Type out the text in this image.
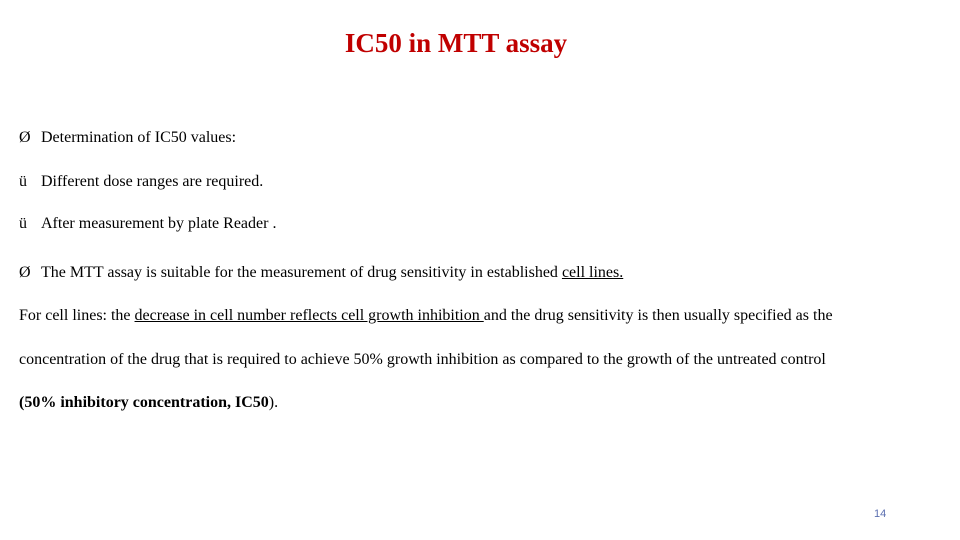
IC50 in MTT assay
Ø Determination of IC50 values:
ü Different dose ranges are required.
ü After measurement by plate Reader .
Ø The MTT assay is suitable for the measurement of drug sensitivity in established cell lines.
For cell lines: the decrease in cell number reflects cell growth inhibition and the drug sensitivity is then usually specified as the
concentration of the drug that is required to achieve 50% growth inhibition as compared to the growth of the untreated control
(50% inhibitory concentration, IC50).
14
